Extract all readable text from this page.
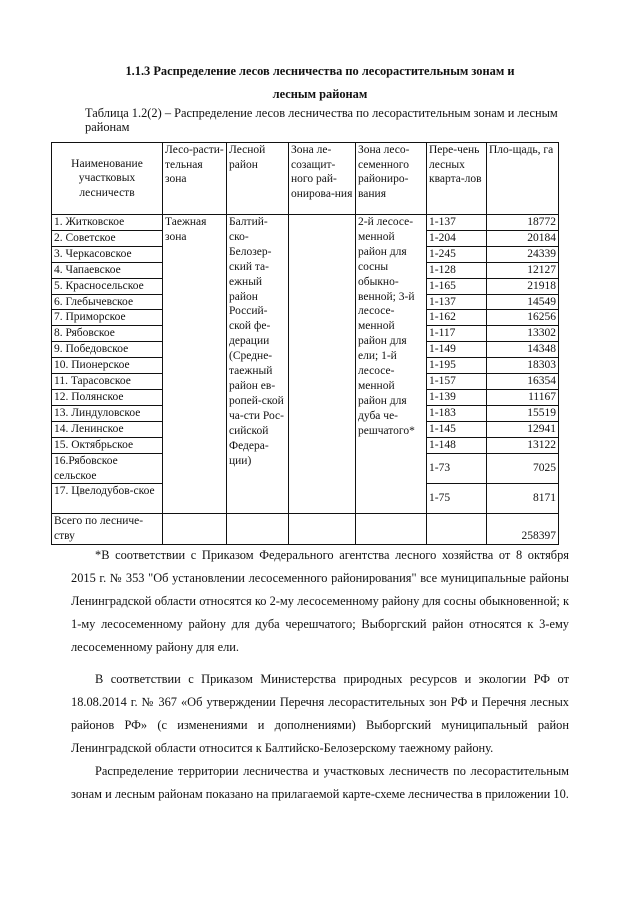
1.1.3 Распределение лесов лесничества по лесорастительным зонам и
лесным районам
Таблица 1.2(2) – Распределение лесов лесничества по лесорастительным зонам и лесным районам
Наименование участковых лесничеств	Лесо-расти-тельная зона	Лесной район	Зона ле-созащит-ного рай-онирова-ния	Зона лесо-семенного райониро-вания	Пере-чень лесных кварта-лов	Пло-щадь, га
1. Житковское	Таежная зона	Балтий-ско-Белозер-ский та-ежный район Россий-ской фе-дерации (Средне-таежный район ев-ропей-ской ча-сти Рос-сийской Федера-ции)		2-й лесосе-менной район для сосны обыкно-венной; 3-й лесосе-менной район для ели; 1-й лесосе-менной район для дуба че-решчатого*	1-137	18772
2. Советское					1-204	20184
3. Черкасовское					1-245	24339
4. Чапаевское					1-128	12127
5. Красносельское					1-165	21918
6. Глебычевское					1-137	14549
7. Приморское					1-162	16256
8. Рябовское					1-117	13302
9. Победовское					1-149	14348
10. Пионерское					1-195	18303
11. Тарасовское					1-157	16354
12. Полянское					1-139	11167
13. Линдуловское					1-183	15519
14. Ленинское					1-145	12941
15. Октябрьское					1-148	13122
16.Рябовское сельское					1-73	7025
17. Цвелодубов-ское					1-75	8171
Всего по лесниче-ству						258397
*В соответствии с Приказом Федерального агентства лесного хозяйства от 8 октября 2015 г. № 353 "Об установлении лесосеменного районирования" все муниципальные районы Ленинградской области относятся ко 2-му лесосеменному району для сосны обыкновенной; к 1-му лесосеменному району для дуба черешчатого; Выборгский район относятся к 3-ему лесосеменному району для ели.
В соответствии с Приказом Министерства природных ресурсов и экологии РФ от 18.08.2014 г. № 367 «Об утверждении Перечня лесорастительных зон РФ и Перечня лесных районов РФ» (с изменениями и дополнениями) Выборгский муниципальный район Ленинградской области относится к Балтийско-Белозерскому таежному району.
Распределение территории лесничества и участковых лесничеств по лесорастительным зонам и лесным районам показано на прилагаемой карте-схеме лесничества в приложении 10.
